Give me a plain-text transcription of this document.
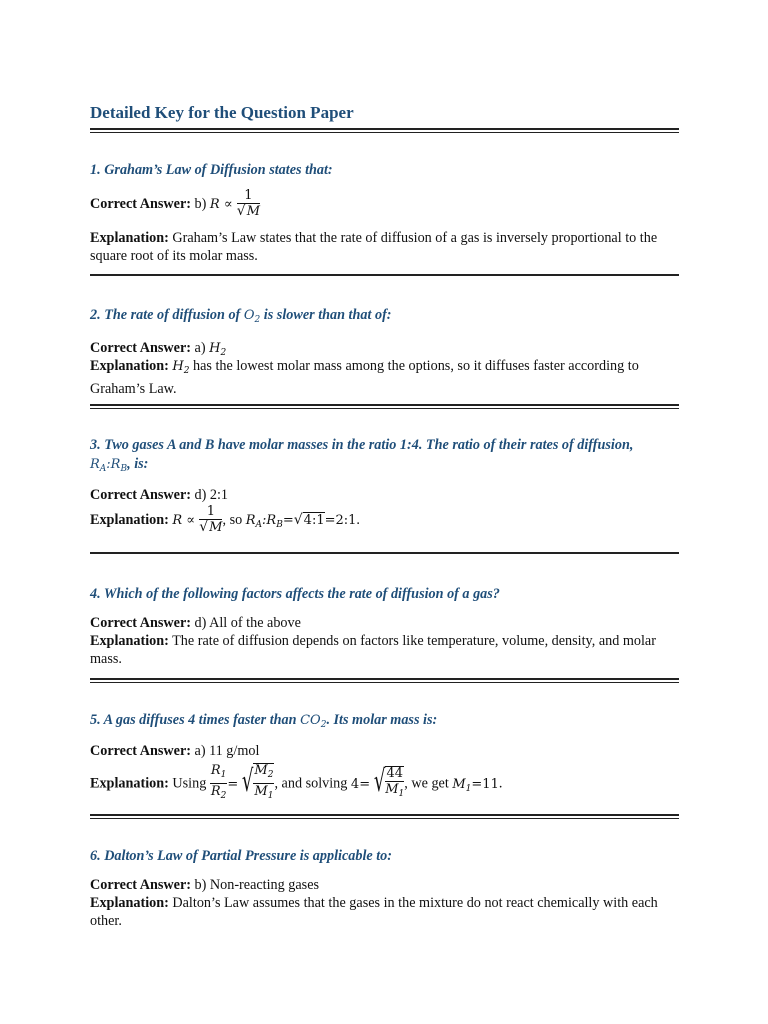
Detailed Key for the Question Paper
1. Graham’s Law of Diffusion states that:
Correct Answer: b) $R \propto \frac{1}{√M}$
Explanation: Graham’s Law states that the rate of diffusion of a gas is inversely proportional to the square root of its molar mass.
2. The rate of diffusion of $O_2$ is slower than that of:
Correct Answer: a) $H_2$
Explanation: $H_2$ has the lowest molar mass among the options, so it diffuses faster according to Graham’s Law.
3. Two gases A and B have molar masses in the ratio 1:4. The ratio of their rates of diffusion,
$R_A:R_B$, is:
Correct Answer: d) 2:1
Explanation: $R \propto \frac{1}{√M}$ , so $R_A:R_B=√4:1=2:1$.
4. Which of the following factors affects the rate of diffusion of a gas?
Correct Answer: d) All of the above
Explanation: The rate of diffusion depends on factors like temperature, volume, density, and molar mass.
5. A gas diffuses 4 times faster than $CO_2$. Its molar mass is:
Correct Answer: a) 11 g/mol
Explanation: Using $\frac{R_1}{R_2}$ = √ $\frac{M_2}{M_1}$ , and solving 4= √ $\frac{44}{M_1}$ , we get $M_1=11$.
6. Dalton’s Law of Partial Pressure is applicable to:
Correct Answer: b) Non-reacting gases
Explanation: Dalton’s Law assumes that the gases in the mixture do not react chemically with each other.
